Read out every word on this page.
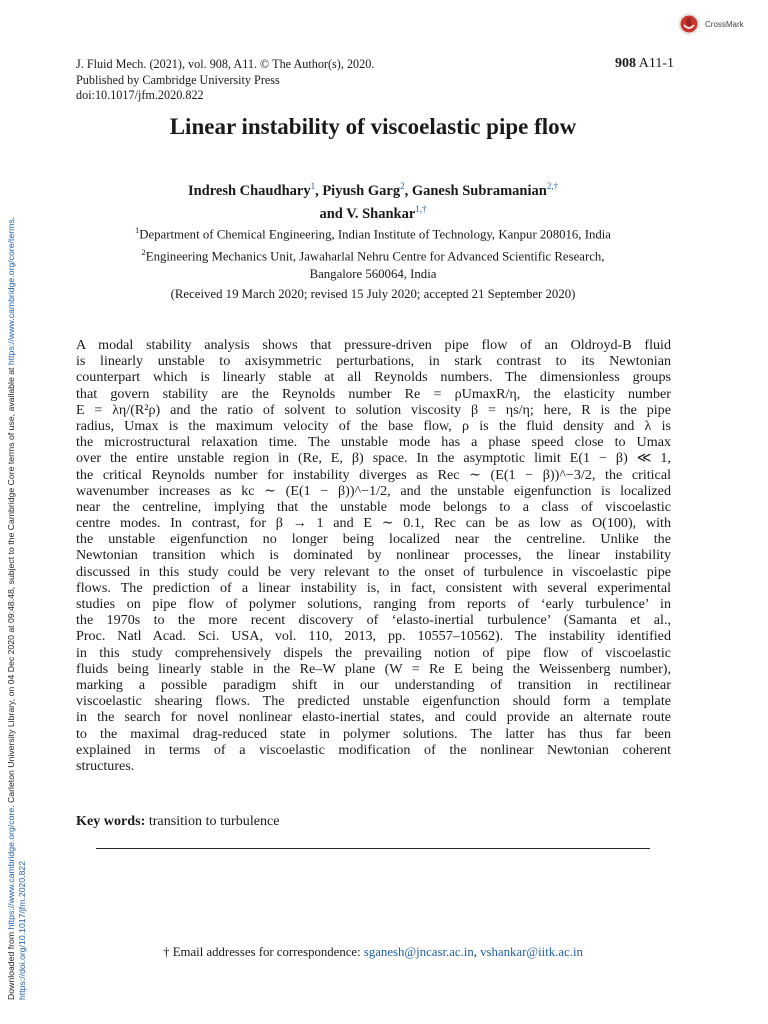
Downloaded from https://www.cambridge.org/core. Carleton University Library, on 04 Dec 2020 at 09:48:48, subject to the Cambridge Core terms of use, available at https://www.cambridge.org/core/terms.
https://doi.org/10.1017/jfm.2020.822
CrossMark
J. Fluid Mech. (2021), vol. 908, A11. © The Author(s), 2020.
Published by Cambridge University Press
doi:10.1017/jfm.2020.822
908 A11-1
Linear instability of viscoelastic pipe flow
Indresh Chaudhary$^1$, Piyush Garg$^2$, Ganesh Subramanian$^{2,\dagger}$
and V. Shankar$^{1,\dagger}$
$^1$Department of Chemical Engineering, Indian Institute of Technology, Kanpur 208016, India
$^2$Engineering Mechanics Unit, Jawaharlal Nehru Centre for Advanced Scientific Research,
Bangalore 560064, India
(Received 19 March 2020; revised 15 July 2020; accepted 21 September 2020)
A modal stability analysis shows that pressure-driven pipe flow of an Oldroyd-B fluid
is linearly unstable to axisymmetric perturbations, in stark contrast to its Newtonian
counterpart which is linearly stable at all Reynolds numbers. The dimensionless groups
that govern stability are the Reynolds number Re = ρUmaxR/η, the elasticity number
E = λη/(R²ρ) and the ratio of solvent to solution viscosity β = ηs/η; here, R is the pipe
radius, Umax is the maximum velocity of the base flow, ρ is the fluid density and λ is
the microstructural relaxation time. The unstable mode has a phase speed close to Umax
over the entire unstable region in (Re, E, β) space. In the asymptotic limit E(1 − β) ≪ 1,
the critical Reynolds number for instability diverges as Rec ∼ (E(1 − β))^−3/2, the critical
wavenumber increases as kc ∼ (E(1 − β))^−1/2, and the unstable eigenfunction is localized
near the centreline, implying that the unstable mode belongs to a class of viscoelastic
centre modes. In contrast, for β → 1 and E ∼ 0.1, Rec can be as low as O(100), with
the unstable eigenfunction no longer being localized near the centreline. Unlike the
Newtonian transition which is dominated by nonlinear processes, the linear instability
discussed in this study could be very relevant to the onset of turbulence in viscoelastic pipe
flows. The prediction of a linear instability is, in fact, consistent with several experimental
studies on pipe flow of polymer solutions, ranging from reports of ‘early turbulence’ in
the 1970s to the more recent discovery of ‘elasto-inertial turbulence’ (Samanta et al.,
Proc. Natl Acad. Sci. USA, vol. 110, 2013, pp. 10557–10562). The instability identified
in this study comprehensively dispels the prevailing notion of pipe flow of viscoelastic
fluids being linearly stable in the Re–W plane (W = Re E being the Weissenberg number),
marking a possible paradigm shift in our understanding of transition in rectilinear
viscoelastic shearing flows. The predicted unstable eigenfunction should form a template
in the search for novel nonlinear elasto-inertial states, and could provide an alternate route
to the maximal drag-reduced state in polymer solutions. The latter has thus far been
explained in terms of a viscoelastic modification of the nonlinear Newtonian coherent
structures.
Key words: transition to turbulence
† Email addresses for correspondence: sganesh@jncasr.ac.in, vshankar@iitk.ac.in
